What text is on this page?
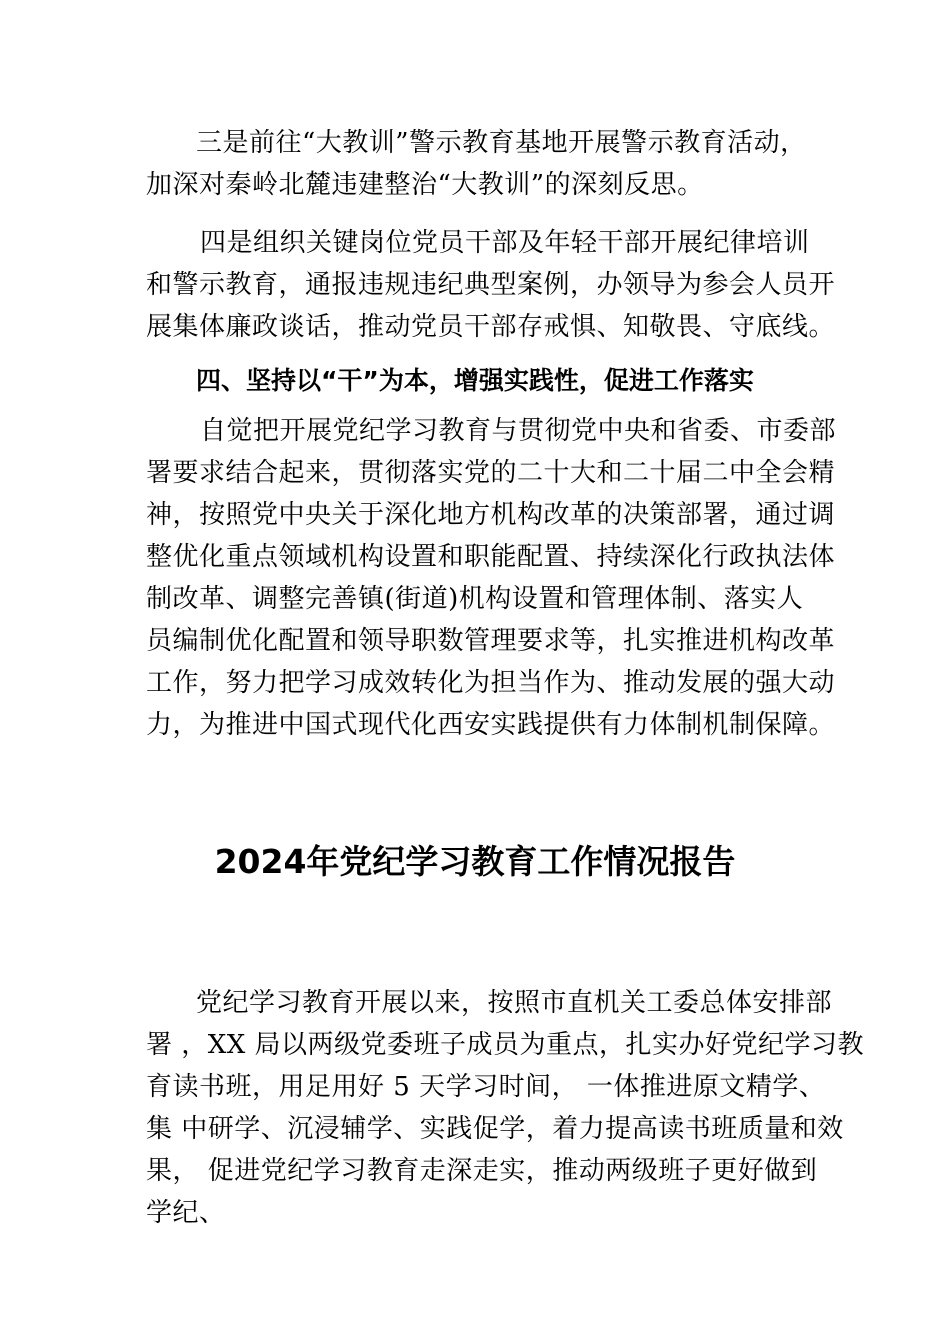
三是前往“大教训”警示教育基地开展警示教育活动，
加深对秦岭北麓违建整治“大教训”的深刻反思。
四是组织关键岗位党员干部及年轻干部开展纪律培训
和警示教育，通报违规违纪典型案例，办领导为参会人员开
展集体廉政谈话，推动党员干部存戒惧、知敬畏、守底线。
四、坚持以“干”为本，增强实践性，促进工作落实
自觉把开展党纪学习教育与贯彻党中央和省委、市委部
署要求结合起来，贯彻落实党的二十大和二十届二中全会精
神，按照党中央关于深化地方机构改革的决策部署，通过调
整优化重点领域机构设置和职能配置、持续深化行政执法体
制改革、调整完善镇(街道)机构设置和管理体制、落实人
员编制优化配置和领导职数管理要求等，扎实推进机构改革
工作，努力把学习成效转化为担当作为、推动发展的强大动
力，为推进中国式现代化西安实践提供有力体制机制保障。
2024年党纪学习教育工作情况报告
党纪学习教育开展以来，按照市直机关工委总体安排部
署 ，XX 局以两级党委班子成员为重点，扎实办好党纪学习教
育读书班，用足用好 5 天学习时间， 一体推进原文精学、
集 中研学、沉浸辅学、实践促学，着力提高读书班质量和效
果， 促进党纪学习教育走深走实，推动两级班子更好做到
学纪、
